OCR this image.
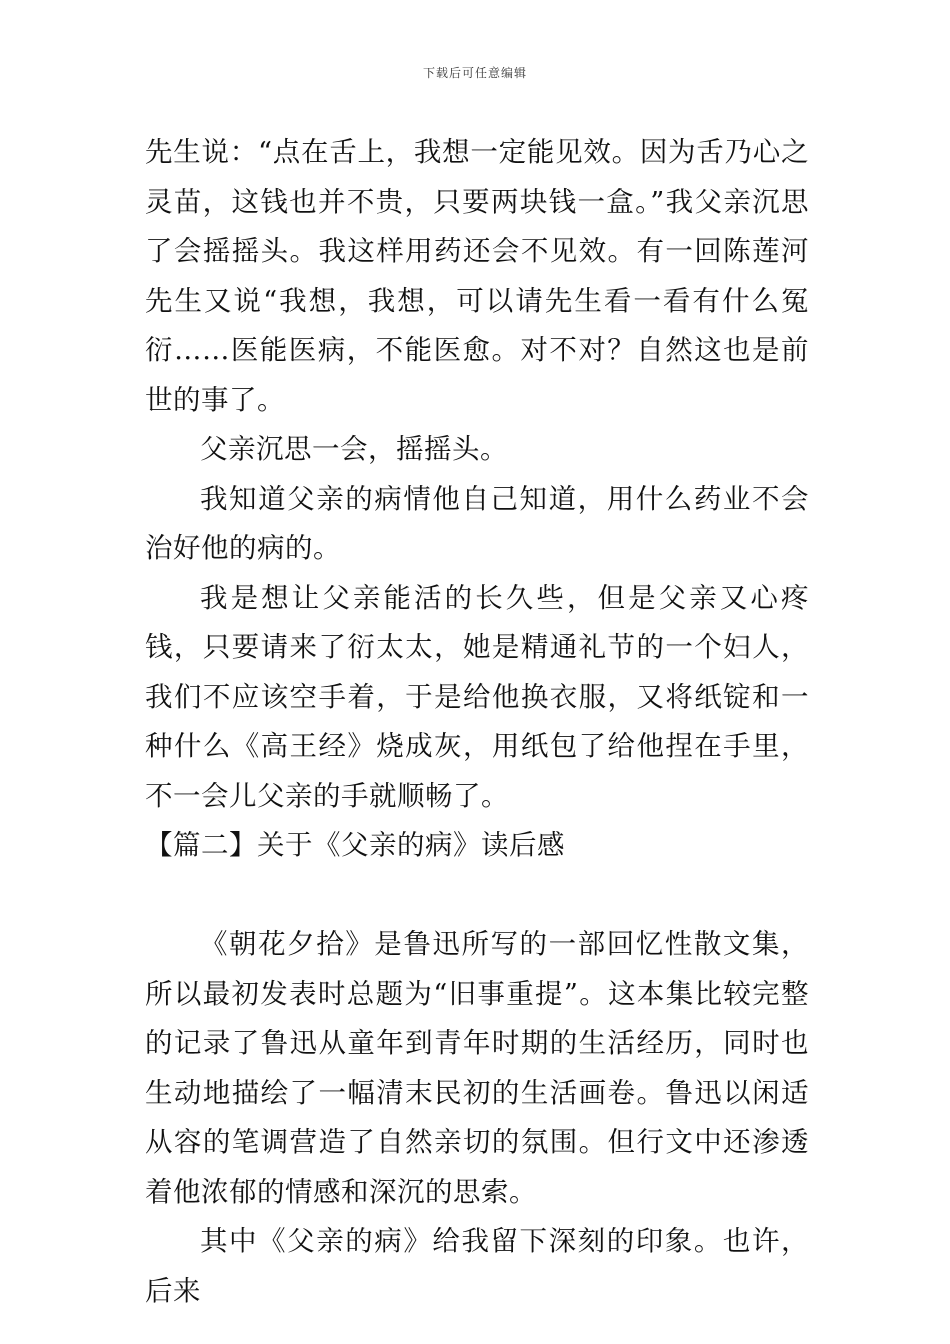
下载后可任意编辑

先生说：“点在舌上，我想一定能见效。因为舌乃心之灵苗，这钱也并不贵，只要两块钱一盒。”我父亲沉思了会摇摇头。我这样用药还会不见效。有一回陈莲河先生又说“我想，我想，可以请先生看一看有什么冤衍……医能医病，不能医愈。对不对？自然这也是前世的事了。

父亲沉思一会，摇摇头。

我知道父亲的病情他自己知道，用什么药业不会治好他的病的。

我是想让父亲能活的长久些，但是父亲又心疼钱，只要请来了衍太太，她是精通礼节的一个妇人，我们不应该空手着，于是给他换衣服，又将纸锭和一种什么《高王经》烧成灰，用纸包了给他捏在手里，不一会儿父亲的手就顺畅了。

【篇二】关于《父亲的病》读后感

《朝花夕拾》是鲁迅所写的一部回忆性散文集，所以最初发表时总题为“旧事重提”。这本集比较完整的记录了鲁迅从童年到青年时期的生活经历，同时也生动地描绘了一幅清末民初的生活画卷。鲁迅以闲适从容的笔调营造了自然亲切的氛围。但行文中还渗透着他浓郁的情感和深沉的思索。

其中《父亲的病》给我留下深刻的印象。也许，后来
